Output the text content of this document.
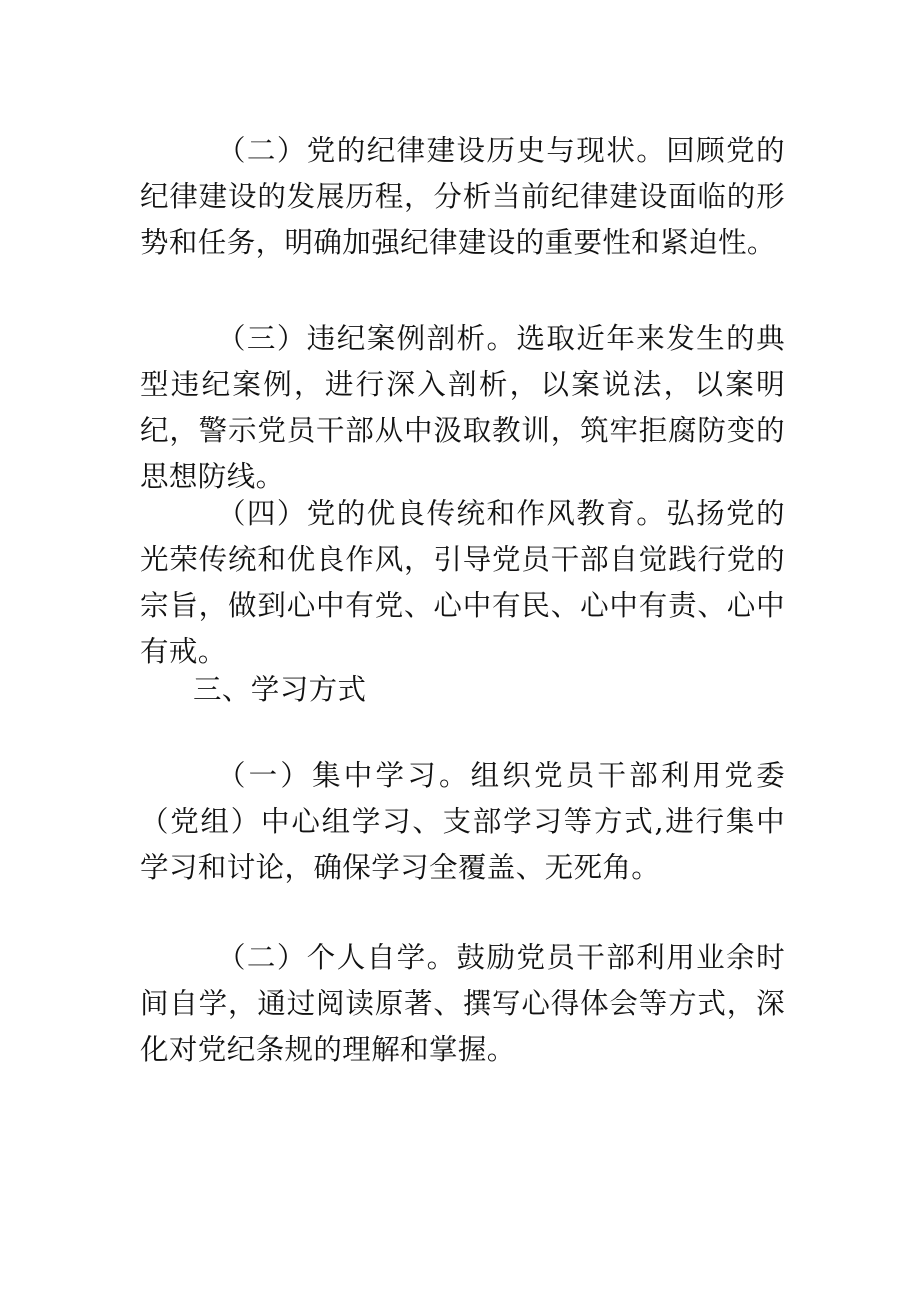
（二）党的纪律建设历史与现状。回顾党的纪律建设的发展历程，分析当前纪律建设面临的形势和任务，明确加强纪律建设的重要性和紧迫性。

（三）违纪案例剖析。选取近年来发生的典型违纪案例，进行深入剖析，以案说法，以案明纪，警示党员干部从中汲取教训，筑牢拒腐防变的思想防线。

（四）党的优良传统和作风教育。弘扬党的光荣传统和优良作风，引导党员干部自觉践行党的宗旨，做到心中有党、心中有民、心中有责、心中有戒。

三、学习方式

（一）集中学习。组织党员干部利用党委（党组）中心组学习、支部学习等方式,进行集中学习和讨论，确保学习全覆盖、无死角。

（二）个人自学。鼓励党员干部利用业余时间自学，通过阅读原著、撰写心得体会等方式，深化对党纪条规的理解和掌握。
